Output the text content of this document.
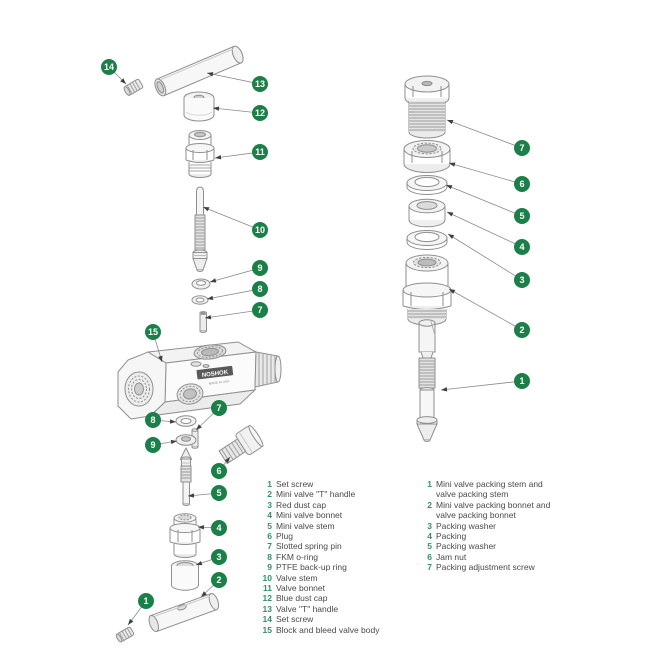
NOSHOK
MADE IN USA
14
13
12
11
10
9
8
7
15
8
7
9
6
5
4
3
2
1
7
6
5
4
3
2
1
1 Set screw
2 Mini valve "T" handle
3 Red dust cap
4 Mini valve bonnet
5 Mini valve stem
6 Plug
7 Slotted spring pin
8 FKM o-ring
9 PTFE back-up ring
10 Valve stem
11 Valve bonnet
12 Blue dust cap
13 Valve "T" handle
14 Set screw
15 Block and bleed valve body
1 Mini valve packing stem and valve packing stem
2 Mini valve packing bonnet and valve packing bonnet
3 Packing washer
4 Packing
5 Packing washer
6 Jam nut
7 Packing adjustment screw
